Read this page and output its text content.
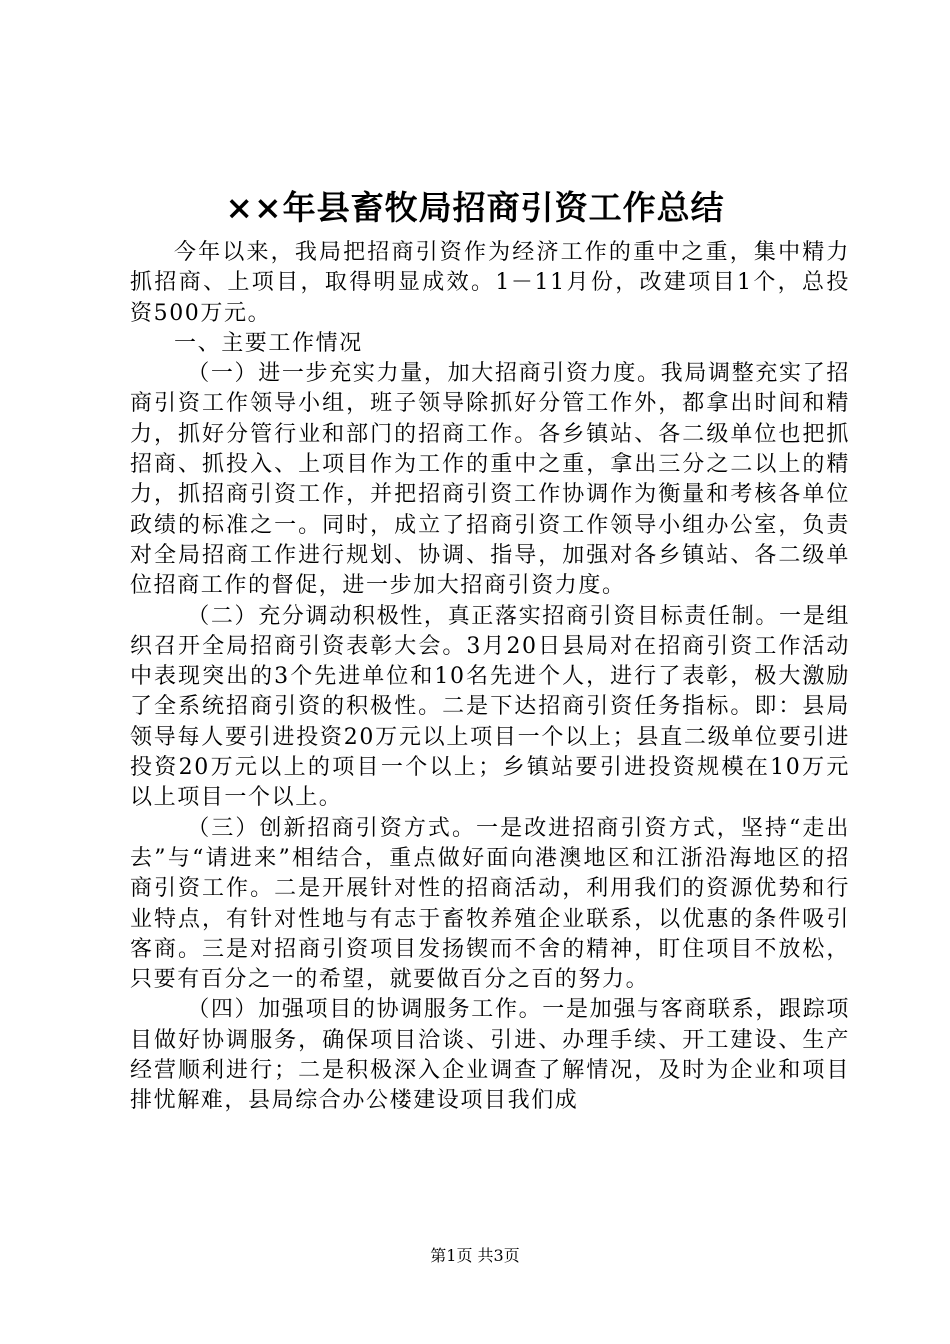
××年县畜牧局招商引资工作总结

今年以来，我局把招商引资作为经济工作的重中之重，集中精力抓招商、上项目，取得明显成效。1－11月份，改建项目1个，总投资500万元。

一、主要工作情况

（一）进一步充实力量，加大招商引资力度。我局调整充实了招商引资工作领导小组，班子领导除抓好分管工作外，都拿出时间和精力，抓好分管行业和部门的招商工作。各乡镇站、各二级单位也把抓招商、抓投入、上项目作为工作的重中之重，拿出三分之二以上的精力，抓招商引资工作，并把招商引资工作协调作为衡量和考核各单位政绩的标准之一。同时，成立了招商引资工作领导小组办公室，负责对全局招商工作进行规划、协调、指导，加强对各乡镇站、各二级单位招商工作的督促，进一步加大招商引资力度。

（二）充分调动积极性，真正落实招商引资目标责任制。一是组织召开全局招商引资表彰大会。3月20日县局对在招商引资工作活动中表现突出的3个先进单位和10名先进个人，进行了表彰，极大激励了全系统招商引资的积极性。二是下达招商引资任务指标。即：县局领导每人要引进投资20万元以上项目一个以上；县直二级单位要引进投资20万元以上的项目一个以上；乡镇站要引进投资规模在10万元以上项目一个以上。

（三）创新招商引资方式。一是改进招商引资方式，坚持“走出去”与“请进来”相结合，重点做好面向港澳地区和江浙沿海地区的招商引资工作。二是开展针对性的招商活动，利用我们的资源优势和行业特点，有针对性地与有志于畜牧养殖企业联系，以优惠的条件吸引客商。三是对招商引资项目发扬锲而不舍的精神，盯住项目不放松，只要有百分之一的希望，就要做百分之百的努力。

（四）加强项目的协调服务工作。一是加强与客商联系，跟踪项目做好协调服务，确保项目洽谈、引进、办理手续、开工建设、生产经营顺利进行；二是积极深入企业调查了解情况，及时为企业和项目排忧解难，县局综合办公楼建设项目我们成

第1页 共3页
